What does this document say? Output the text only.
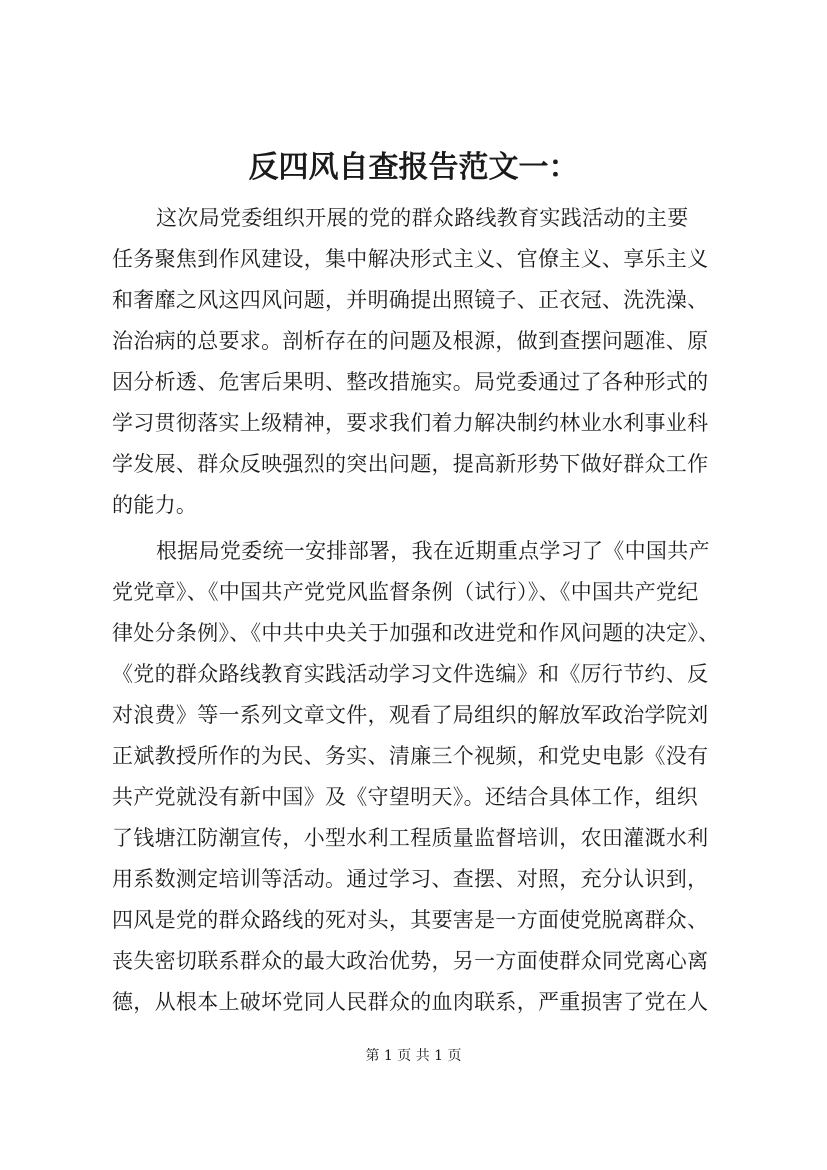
反四风自查报告范文一：
这次局党委组织开展的党的群众路线教育实践活动的主要
任务聚焦到作风建设，集中解决形式主义、官僚主义、享乐主义
和奢靡之风这四风问题，并明确提出照镜子、正衣冠、洗洗澡、
治治病的总要求。剖析存在的问题及根源，做到查摆问题准、原
因分析透、危害后果明、整改措施实。局党委通过了各种形式的
学习贯彻落实上级精神，要求我们着力解决制约林业水利事业科
学发展、群众反映强烈的突出问题，提高新形势下做好群众工作
的能力。
根据局党委统一安排部署，我在近期重点学习了《中国共产
党党章》、《中国共产党党风监督条例（试行）》、《中国共产党纪
律处分条例》、《中共中央关于加强和改进党和作风问题的决定》、
《党的群众路线教育实践活动学习文件选编》和《厉行节约、反
对浪费》等一系列文章文件，观看了局组织的解放军政治学院刘
正斌教授所作的为民、务实、清廉三个视频，和党史电影《没有
共产党就没有新中国》及《守望明天》。还结合具体工作，组织
了钱塘江防潮宣传，小型水利工程质量监督培训，农田灌溉水利
用系数测定培训等活动。通过学习、查摆、对照，充分认识到，
四风是党的群众路线的死对头，其要害是一方面使党脱离群众、
丧失密切联系群众的最大政治优势，另一方面使群众同党离心离
德，从根本上破坏党同人民群众的血肉联系，严重损害了党在人
第 1 页 共 1 页
